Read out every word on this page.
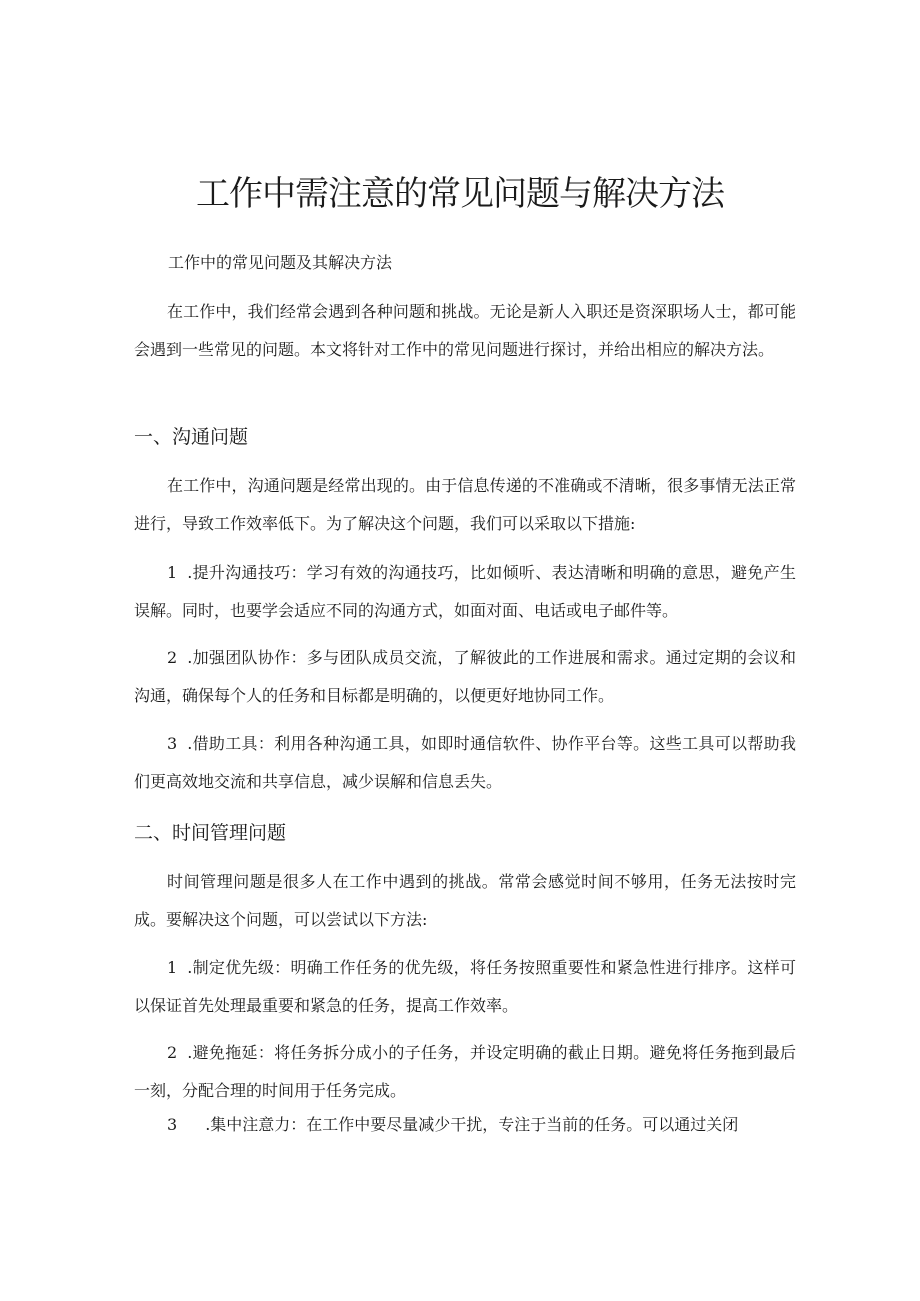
工作中需注意的常见问题与解决方法

工作中的常见问题及其解决方法

在工作中，我们经常会遇到各种问题和挑战。无论是新人入职还是资深职场人士，都可能会遇到一些常见的问题。本文将针对工作中的常见问题进行探讨，并给出相应的解决方法。

一、沟通问题

在工作中，沟通问题是经常出现的。由于信息传递的不准确或不清晰，很多事情无法正常进行，导致工作效率低下。为了解决这个问题，我们可以采取以下措施:

1 .提升沟通技巧：学习有效的沟通技巧，比如倾听、表达清晰和明确的意思，避免产生误解。同时，也要学会适应不同的沟通方式，如面对面、电话或电子邮件等。

2 .加强团队协作：多与团队成员交流，了解彼此的工作进展和需求。通过定期的会议和沟通，确保每个人的任务和目标都是明确的，以便更好地协同工作。

3 .借助工具：利用各种沟通工具，如即时通信软件、协作平台等。这些工具可以帮助我们更高效地交流和共享信息，减少误解和信息丢失。

二、时间管理问题

时间管理问题是很多人在工作中遇到的挑战。常常会感觉时间不够用，任务无法按时完成。要解决这个问题，可以尝试以下方法:

1 .制定优先级：明确工作任务的优先级，将任务按照重要性和紧急性进行排序。这样可以保证首先处理最重要和紧急的任务，提高工作效率。

2 .避免拖延：将任务拆分成小的子任务，并设定明确的截止日期。避免将任务拖到最后一刻，分配合理的时间用于任务完成。

3 .集中注意力：在工作中要尽量减少干扰，专注于当前的任务。可以通过关闭
